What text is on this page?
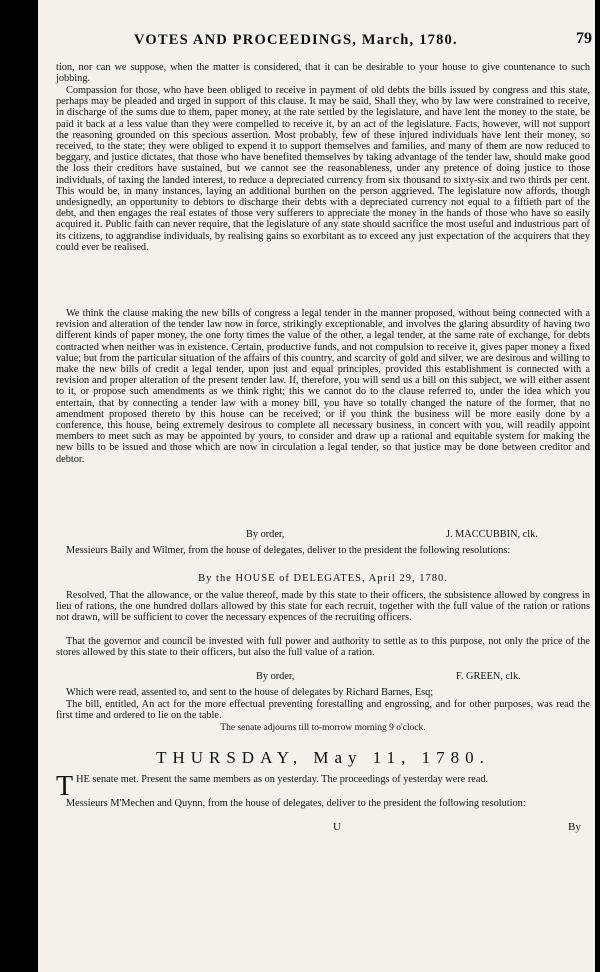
VOTES AND PROCEEDINGS, March, 1780.	79

tion, nor can we suppose, when the matter is considered, that it can be desirable to your house to give countenance to such jobbing.

Compassion for those, who have been obliged to receive in payment of old debts the bills issued by congress and this state, perhaps may be pleaded and urged in support of this clause. It may be said, Shall they, who by law were constrained to receive, in discharge of the sums due to them, paper money, at the rate settled by the legislature, and have lent the money to the state, be paid it back at a less value than they were compelled to receive it, by an act of the legislature. Facts, however, will not support the reasoning grounded on this specious assertion. Most probably, few of these injured individuals have lent their money, so received, to the state; they were obliged to expend it to support themselves and families, and many of them are now reduced to beggary, and justice dictates, that those who have benefited themselves by taking advantage of the tender law, should make good the loss their creditors have sustained, but we cannot see the reasonableness, under any pretence of doing justice to those individuals, of taxing the landed interest, to reduce a depreciated currency from six thousand to sixty-six and two thirds per cent. This would be, in many instances, laying an additional burthen on the person aggrieved. The legislature now affords, though undesignedly, an opportunity to debtors to discharge their debts with a depreciated currency not equal to a fiftieth part of the debt, and then engages the real estates of those very sufferers to appreciate the money in the hands of those who have so easily acquired it. Public faith can never require, that the legislature of any state should sacrifice the most useful and industrious part of its citizens, to aggrandise individuals, by realising gains so exorbitant as to exceed any just expectation of the acquirers that they could ever be realised.

We think the clause making the new bills of congress a legal tender in the manner proposed, without being connected with a revision and alteration of the tender law now in force, strikingly exceptionable, and involves the glaring absurdity of having two different kinds of paper money, the one forty times the value of the other, a legal tender, at the same rate of exchange, for debts contracted when neither was in existence. Certain, productive funds, and not compulsion to receive it, gives paper money a fixed value; but from the particular situation of the affairs of this country, and scarcity of gold and silver, we are desirous and willing to make the new bills of credit a legal tender, upon just and equal principles, provided this establishment is connected with a revision and proper alteration of the present tender law. If, therefore, you will send us a bill on this subject, we will either assent to it, or propose such amendments as we think right; this we cannot do to the clause referred to, under the idea which you entertain, that by connecting a tender law with a money bill, you have so totally changed the nature of the former, that no amendment proposed thereto by this house can be received; or if you think the business will be more easily done by a conference, this house, being extremely desirous to complete all necessary business, in concert with you, will readily appoint members to meet such as may be appointed by yours, to consider and draw up a rational and equitable system for making the new bills to be issued and those which are now in circulation a legal tender, so that justice may be done between creditor and debtor.

By order,	J. MACCUBBIN, clk.

Messieurs Baily and Wilmer, from the house of delegates, deliver to the president the following resolutions:

By the HOUSE of DELEGATES, April 29, 1780.

Resolved, That the allowance, or the value thereof, made by this state to their officers, the subsistence allowed by congress in lieu of rations, the one hundred dollars allowed by this state for each recruit, together with the full value of the ration or rations not drawn, will be sufficient to cover the necessary expences of the recruiting officers.

That the governor and council be invested with full power and authority to settle as to this purpose, not only the price of the stores allowed by this state to their officers, but also the full value of a ration.

By order,	F. GREEN, clk.

Which were read, assented to, and sent to the house of delegates by Richard Barnes, Esq;

The bill, entitled, An act for the more effectual preventing forestalling and engrossing, and for other purposes, was read the first time and ordered to lie on the table.

The senate adjourns till to-morrow morning 9 o'clock.
THURSDAY, May 11, 1780.

T HE senate met. Present the same members as on yesterday. The proceedings of yesterday were read.

Messieurs M'Mechen and Quynn, from the house of delegates, deliver to the president the following resolution:

U	By
